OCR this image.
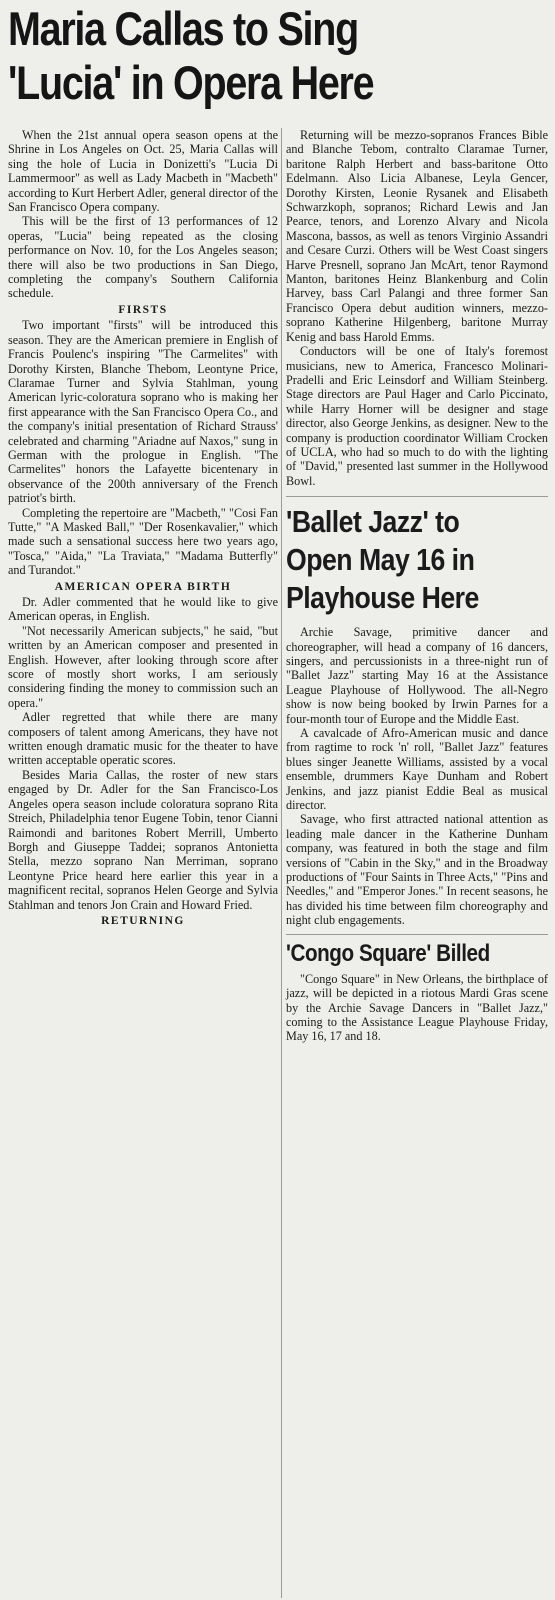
Maria Callas to Sing
'Lucia' in Opera Here

When the 21st annual opera season opens at the Shrine in Los Angeles on Oct. 25, Maria Callas will sing the hole of Lucia in Donizetti's "Lucia Di Lammermoor" as well as Lady Macbeth in "Macbeth" according to Kurt Herbert Adler, general director of the San Francisco Opera company.

This will be the first of 13 performances of 12 operas, "Lucia" being repeated as the closing performance on Nov. 10, for the Los Angeles season; there will also be two productions in San Diego, completing the company's Southern California schedule.

FIRSTS

Two important "firsts" will be introduced this season. They are the American premiere in English of Francis Poulenc's inspiring "The Carmelites" with Dorothy Kirsten, Blanche Thebom, Leontyne Price, Claramae Turner and Sylvia Stahlman, young American lyric-coloratura soprano who is making her first appearance with the San Francisco Opera Co., and the company's initial presentation of Richard Strauss' celebrated and charming "Ariadne auf Naxos," sung in German with the prologue in English. "The Carmelites" honors the Lafayette bicentenary in observance of the 200th anniversary of the French patriot's birth.

Completing the repertoire are "Macbeth," "Cosi Fan Tutte," "A Masked Ball," "Der Rosenkavalier," which made such a sensational success here two years ago, "Tosca," "Aida," "La Traviata," "Madama Butterfly" and Turandot."

AMERICAN OPERA BIRTH

Dr. Adler commented that he would like to give American operas, in English.

"Not necessarily American subjects," he said, "but written by an American composer and presented in English. However, after looking through score after score of mostly short works, I am seriously considering finding the money to commission such an opera."

Adler regretted that while there are many composers of talent among Americans, they have not written enough dramatic music for the theater to have written acceptable operatic scores.

Besides Maria Callas, the roster of new stars engaged by Dr. Adler for the San Francisco-Los Angeles opera season include coloratura soprano Rita Streich, Philadelphia tenor Eugene Tobin, tenor Cianni Raimondi and baritones Robert Merrill, Umberto Borgh and Giuseppe Taddei; sopranos Antonietta Stella, mezzo soprano Nan Merriman, soprano Leontyne Price heard here earlier this year in a magnificent recital, sopranos Helen George and Sylvia Stahlman and tenors Jon Crain and Howard Fried.

RETURNING

Returning will be mezzo-sopranos Frances Bible and Blanche Tebom, contralto Claramae Turner, baritone Ralph Herbert and bass-baritone Otto Edelmann. Also Licia Albanese, Leyla Gencer, Dorothy Kirsten, Leonie Rysanek and Elisabeth Schwarzkoph, sopranos; Richard Lewis and Jan Pearce, tenors, and Lorenzo Alvary and Nicola Mascona, bassos, as well as tenors Virginio Assandri and Cesare Curzi. Others will be West Coast singers Harve Presnell, soprano Jan McArt, tenor Raymond Manton, baritones Heinz Blankenburg and Colin Harvey, bass Carl Palangi and three former San Francisco Opera debut audition winners, mezzo-soprano Katherine Hilgenberg, baritone Murray Kenig and bass Harold Emms.

Conductors will be one of Italy's foremost musicians, new to America, Francesco Molinari-Pradelli and Eric Leinsdorf and William Steinberg. Stage directors are Paul Hager and Carlo Piccinato, while Harry Horner will be designer and stage director, also George Jenkins, as designer. New to the company is production coordinator William Crocken of UCLA, who had so much to do with the lighting of "David," presented last summer in the Hollywood Bowl.

'Ballet Jazz' to
Open May 16 in
Playhouse Here

Archie Savage, primitive dancer and choreographer, will head a company of 16 dancers, singers, and percussionists in a three-night run of "Ballet Jazz" starting May 16 at the Assistance League Playhouse of Hollywood. The all-Negro show is now being booked by Irwin Parnes for a four-month tour of Europe and the Middle East.

A cavalcade of Afro-American music and dance from ragtime to rock 'n' roll, "Ballet Jazz" features blues singer Jeanette Williams, assisted by a vocal ensemble, drummers Kaye Dunham and Robert Jenkins, and jazz pianist Eddie Beal as musical director.

Savage, who first attracted national attention as leading male dancer in the Katherine Dunham company, was featured in both the stage and film versions of "Cabin in the Sky," and in the Broadway productions of "Four Saints in Three Acts," "Pins and Needles," and "Emperor Jones." In recent seasons, he has divided his time between film choreography and night club engagements.

'Congo Square' Billed

"Congo Square" in New Orleans, the birthplace of jazz, will be depicted in a riotous Mardi Gras scene by the Archie Savage Dancers in "Ballet Jazz," coming to the Assistance League Playhouse Friday, May 16, 17 and 18.
